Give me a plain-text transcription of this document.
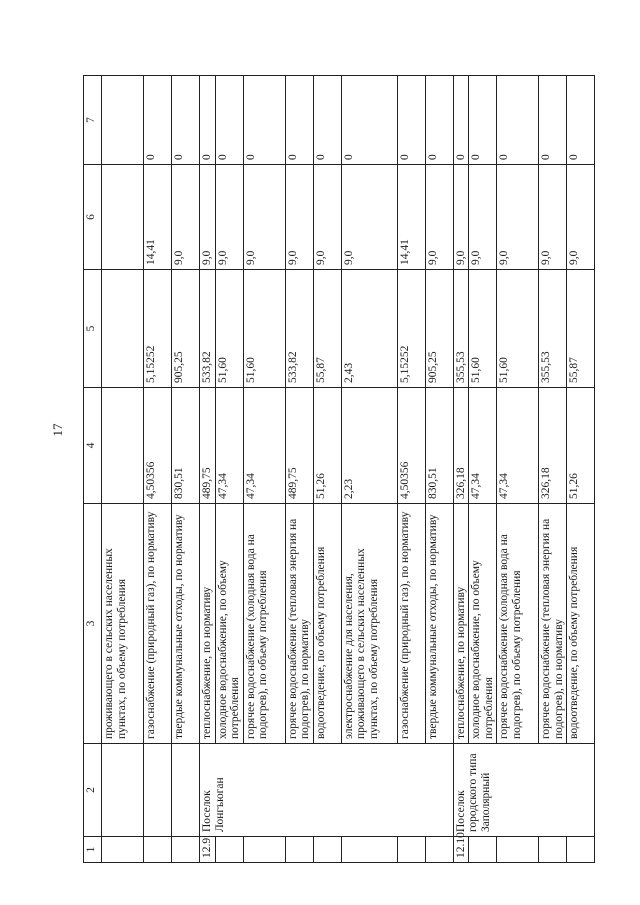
17
1	2	3	4	5	6	7
		проживающего в сельских населенных пунктах, по объему потребления				
		газоснабжение (природный газ), по нормативу	4,50356	5,15252	14,41	0
		твердые коммунальные отходы, по нормативу	830,51	905,25	9,0	0
12.9.	Поселок Лонгъюган	теплоснабжение, по нормативу	489,75	533,82	9,0	0
		холодное водоснабжение, по объему потребления	47,34	51,60	9,0	0
		горячее водоснабжение (холодная вода на подогрев), по объему потребления	47,34	51,60	9,0	0
		горячее водоснабжение (тепловая энергия на подогрев), по нормативу	489,75	533,82	9,0	0
		водоотведение, по объему потребления	51,26	55,87	9,0	0
		электроснабжение для населения, проживающего в сельских населенных пунктах, по объему потребления	2,23	2,43	9,0	0
		газоснабжение (природный газ), по нормативу	4,50356	5,15252	14,41	0
		твердые коммунальные отходы, по нормативу	830,51	905,25	9,0	0
12.10.	Поселок городского типа Заполярный	теплоснабжение, по нормативу	326,18	355,53	9,0	0
		холодное водоснабжение, по объему потребления	47,34	51,60	9,0	0
		горячее водоснабжение (холодная вода на подогрев), по объему потребления	47,34	51,60	9,0	0
		горячее водоснабжение (тепловая энергия на подогрев), по нормативу	326,18	355,53	9,0	0
		водоотведение, по объему потребления	51,26	55,87	9,0	0
